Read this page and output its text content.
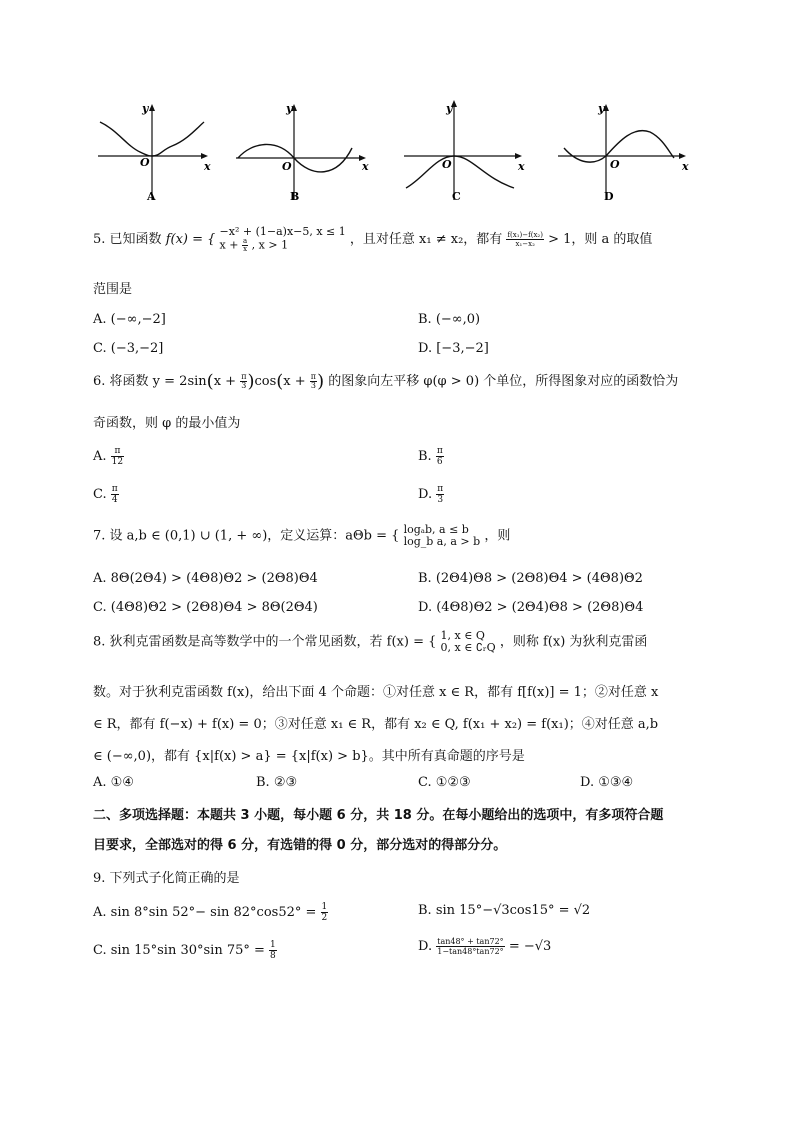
O
y
x
A
O
y
x
B
O
y
x
C
O
y
x
D
5. 已知函数 f(x) = {
−x² + (1−a)x−5, x ≤ 1
$x + \frac{a}{x}$ , x > 1	，且对任意 x₁ ≠ x₂，都有 $\frac{\text{f(x₁)−f(x₂)}}{\text{x₁−x₂}} > 1$，则 a 的取值
范围是
A. (−∞,−2]	B. (−∞,0)
C. (−3,−2]	D. [−3,−2]
6. 将函数 $y = 2\sin(x + \frac{\pi}{3} )\cos(x + \frac{\pi}{3}$ ) 的图象向左平移 φ(φ > 0) 个单位，所得图象对应的函数恰为
奇函数，则 φ 的最小值为
A. $\frac{\pi}{12}$	B. $\frac{\pi}{6}$
C. $\frac{\pi}{4}$	D. $\frac{\pi}{3}$
7. 设 a,b ∈ (0,1) ∪ (1, + ∞)，定义运算：aΘb = { logₐb, a ≤ b
log_b a, a > b ，则
A. 8Θ(2Θ4) > (4Θ8)Θ2 > (2Θ8)Θ4	B. (2Θ4)Θ8 > (2Θ8)Θ4 > (4Θ8)Θ2
C. (4Θ8)Θ2 > (2Θ8)Θ4 > 8Θ(2Θ4)	D. (4Θ8)Θ2 > (2Θ4)Θ8 > (2Θ8)Θ4
8. 狄利克雷函数是高等数学中的一个常见函数，若 f(x) = { 1, x ∈ Q
0, x ∈ ∁ᵣQ ，则称 f(x) 为狄利克雷函
数。对于狄利克雷函数 f(x)，给出下面 4 个命题：①对任意 x ∈ R，都有 f[f(x)] = 1；②对任意 x
∈ R，都有 f(−x) + f(x) = 0；③对任意 x₁ ∈ R，都有 x₂ ∈ Q, f(x₁ + x₂) = f(x₁)；④对任意 a,b
∈ (−∞,0)，都有 {x|f(x) > a} = {x|f(x) > b}。其中所有真命题的序号是
A. ①④	B. ②③	C. ①②③	D. ①③④
二、多项选择题：本题共 3 小题，每小题 6 分，共 18 分。在每小题给出的选项中，有多项符合题
目要求，全部选对的得 6 分，有选错的得 0 分，部分选对的得部分分。
9. 下列式子化简正确的是
A. sin 8°sin $52^\circ- \sin 82^\circ\cos 52^\circ = \frac{1}{2}$	B. sin 15°−√3cos15° = √2
C. sin 15°sin 30°sin $75^\circ = \frac{1}{8}$	D. $\frac{\tan 48^\circ + \tan 72^\circ}{1-\tan 48^\circ\tan 72^\circ} = -√3$
